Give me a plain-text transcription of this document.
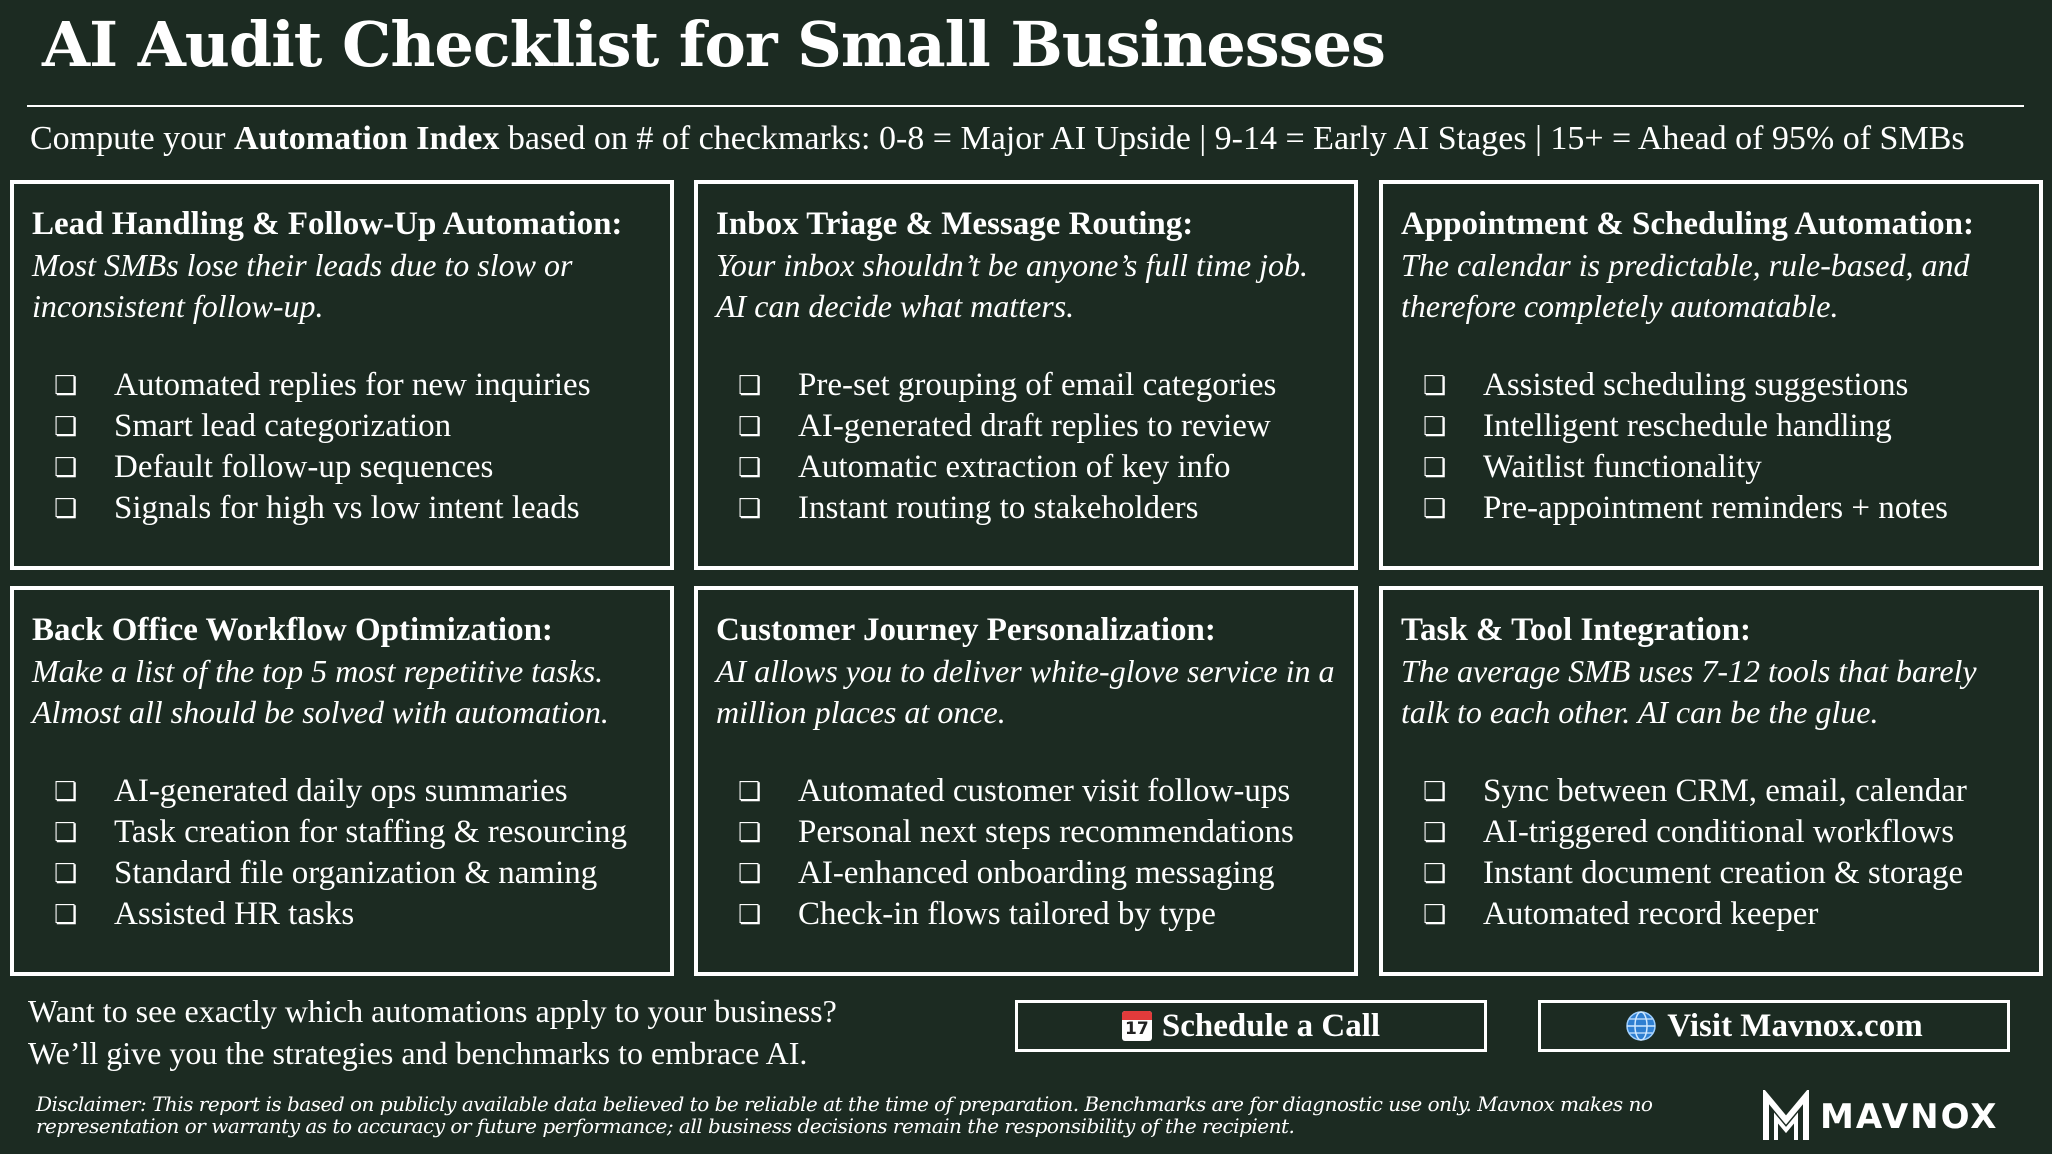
AI Audit Checklist for Small Businesses
Compute your Automation Index based on # of checkmarks: 0-8 = Major AI Upside | 9-14 = Early AI Stages | 15+ = Ahead of 95% of SMBs
Lead Handling & Follow-Up Automation:
Most SMBs lose their leads due to slow or inconsistent follow-up.
❏	Automated replies for new inquiries
❏	Smart lead categorization
❏	Default follow-up sequences
❏	Signals for high vs low intent leads
Inbox Triage & Message Routing:
Your inbox shouldn’t be anyone’s full time job. AI can decide what matters.
❏	Pre-set grouping of email categories
❏	AI-generated draft replies to review
❏	Automatic extraction of key info
❏	Instant routing to stakeholders
Appointment & Scheduling Automation:
The calendar is predictable, rule-based, and therefore completely automatable.
❏	Assisted scheduling suggestions
❏	Intelligent reschedule handling
❏	Waitlist functionality
❏	Pre-appointment reminders + notes
Back Office Workflow Optimization:
Make a list of the top 5 most repetitive tasks. Almost all should be solved with automation.
❏	AI-generated daily ops summaries
❏	Task creation for staffing & resourcing
❏	Standard file organization & naming
❏	Assisted HR tasks
Customer Journey Personalization:
AI allows you to deliver white-glove service in a million places at once.
❏	Automated customer visit follow-ups
❏	Personal next steps recommendations
❏	AI-enhanced onboarding messaging
❏	Check-in flows tailored by type
Task & Tool Integration:
The average SMB uses 7-12 tools that barely talk to each other. AI can be the glue.
❏	Sync between CRM, email, calendar
❏	AI-triggered conditional workflows
❏	Instant document creation & storage
❏	Automated record keeper
Want to see exactly which automations apply to your business?
We’ll give you the strategies and benchmarks to embrace AI.
17 Schedule a Call	Visit Mavnox.com
Disclaimer: This report is based on publicly available data believed to be reliable at the time of preparation. Benchmarks are for diagnostic use only. Mavnox makes no representation or warranty as to accuracy or future performance; all business decisions remain the responsibility of the recipient.	MAVNOX
